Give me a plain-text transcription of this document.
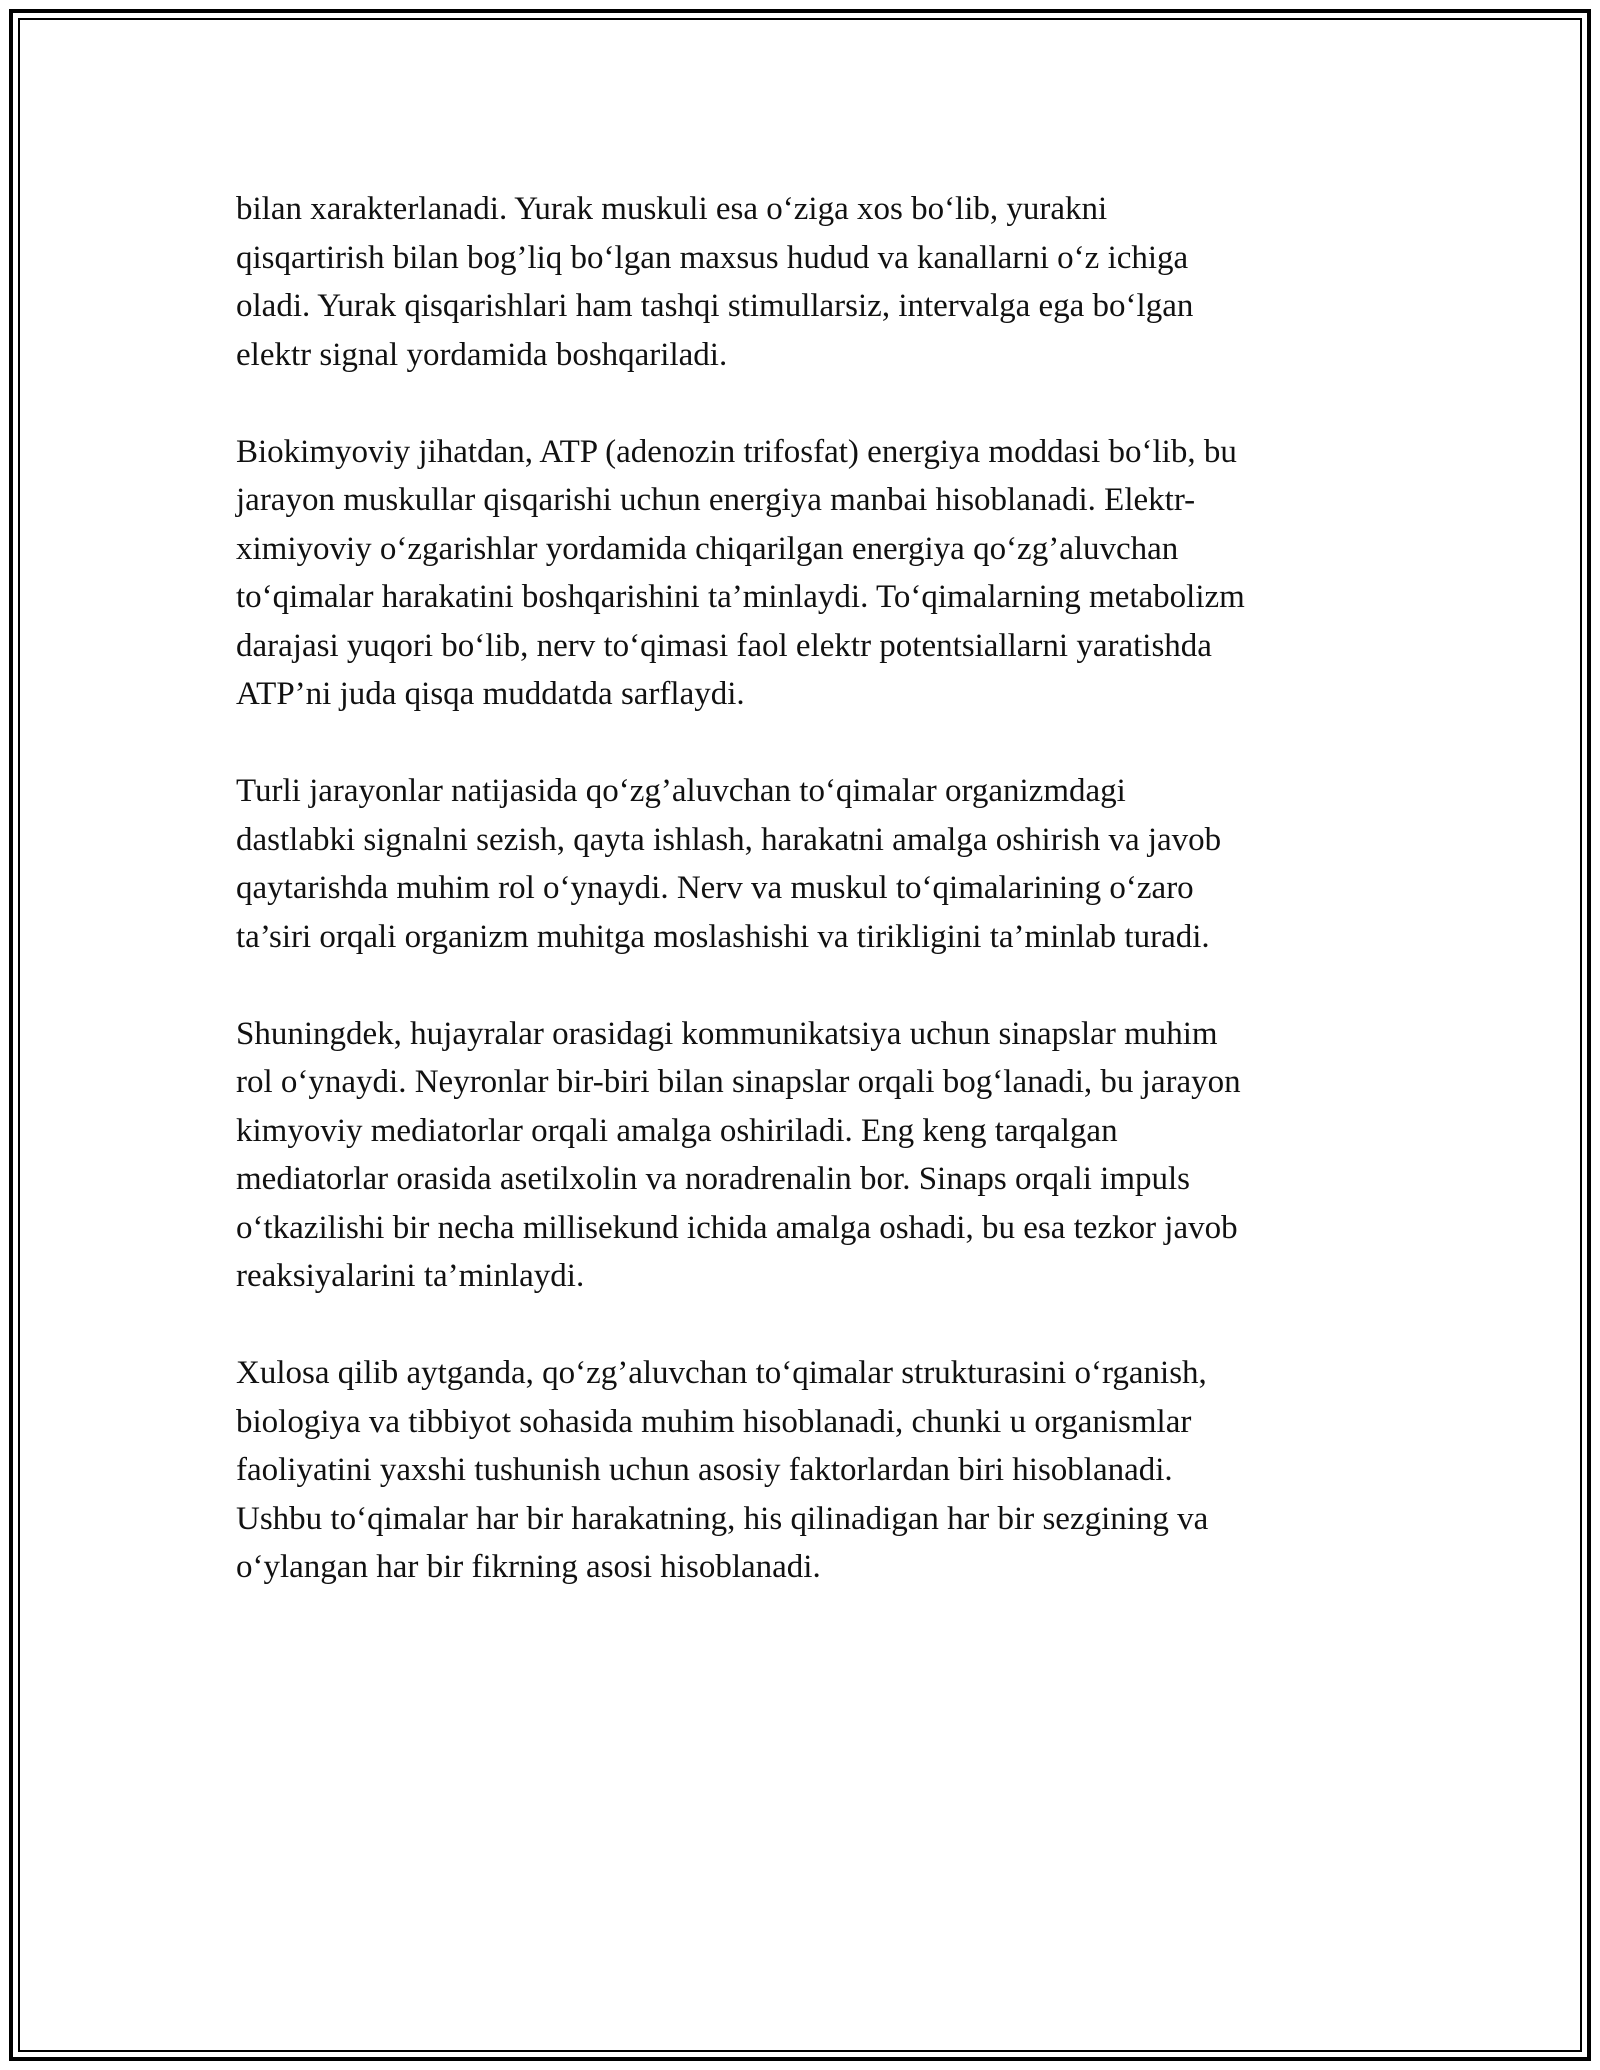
bilan xarakterlanadi. Yurak muskuli esa o‘ziga xos bo‘lib, yurakni
qisqartirish bilan bog’liq bo‘lgan maxsus hudud va kanallarni o‘z ichiga
oladi. Yurak qisqarishlari ham tashqi stimullarsiz, intervalga ega bo‘lgan
elektr signal yordamida boshqariladi.

Biokimyoviy jihatdan, ATP (adenozin trifosfat) energiya moddasi bo‘lib, bu
jarayon muskullar qisqarishi uchun energiya manbai hisoblanadi. Elektr-
ximiyoviy o‘zgarishlar yordamida chiqarilgan energiya qo‘zg’aluvchan
to‘qimalar harakatini boshqarishini ta’minlaydi. To‘qimalarning metabolizm
darajasi yuqori bo‘lib, nerv to‘qimasi faol elektr potentsiallarni yaratishda
ATP’ni juda qisqa muddatda sarflaydi.

Turli jarayonlar natijasida qo‘zg’aluvchan to‘qimalar organizmdagi
dastlabki signalni sezish, qayta ishlash, harakatni amalga oshirish va javob
qaytarishda muhim rol o‘ynaydi. Nerv va muskul to‘qimalarining o‘zaro
ta’siri orqali organizm muhitga moslashishi va tirikligini ta’minlab turadi.

Shuningdek, hujayralar orasidagi kommunikatsiya uchun sinapslar muhim
rol o‘ynaydi. Neyronlar bir-biri bilan sinapslar orqali bog‘lanadi, bu jarayon
kimyoviy mediatorlar orqali amalga oshiriladi. Eng keng tarqalgan
mediatorlar orasida asetilxolin va noradrenalin bor. Sinaps orqali impuls
o‘tkazilishi bir necha millisekund ichida amalga oshadi, bu esa tezkor javob
reaksiyalarini ta’minlaydi.

Xulosa qilib aytganda, qo‘zg’aluvchan to‘qimalar strukturasini o‘rganish,
biologiya va tibbiyot sohasida muhim hisoblanadi, chunki u organismlar
faoliyatini yaxshi tushunish uchun asosiy faktorlardan biri hisoblanadi.
Ushbu to‘qimalar har bir harakatning, his qilinadigan har bir sezgining va
o‘ylangan har bir fikrning asosi hisoblanadi.
